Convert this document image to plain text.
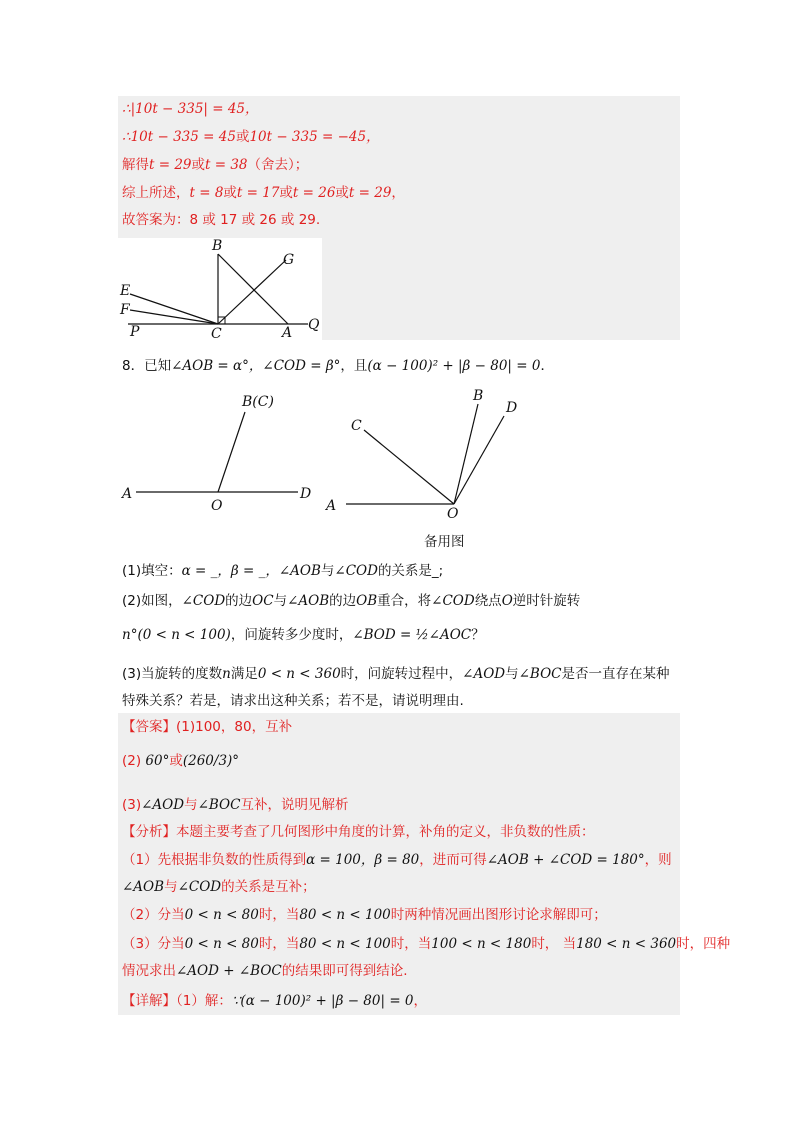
∴|10t − 335| = 45，
∴10t − 335 = 45或10t − 335 = −45，
解得t = 29或t = 38（舍去）；
综上所述，t = 8或t = 17或t = 26或t = 29，
故答案为：8 或 17 或 26 或 29.
B
G
E
F
P	C	A Q
8．已知∠AOB = α°，∠COD = β°，且(α − 100)² + |β − 80| = 0．
B(C)
A
O
D
C
B
D
A	O
备用图
(1)填空：α = _，β = _，∠AOB与∠COD的关系是_;
(2)如图，∠COD的边OC与∠AOB的边OB重合，将∠COD绕点O逆时针旋转
n°(0 < n < 100)，问旋转多少度时，∠BOD = ½∠AOC？
(3)当旋转的度数n满足0 < n < 360时，问旋转过程中，∠AOD与∠BOC是否一直存在某种
特殊关系？若是，请求出这种关系；若不是，请说明理由.
【答案】(1)100，80，互补
(2) 60°或(260/3)°
(3)∠AOD与∠BOC互补，说明见解析
【分析】本题主要考查了几何图形中角度的计算，补角的定义，非负数的性质：
（1）先根据非负数的性质得到α = 100，β = 80，进而可得∠AOB + ∠COD = 180°，则
∠AOB与∠COD的关系是互补；
（2）分当0 < n < 80时，当80 < n < 100时两种情况画出图形讨论求解即可；
（3）分当0 < n < 80时，当80 < n < 100时，当100 < n < 180时， 当180 < n < 360时，四种
情况求出∠AOD + ∠BOC的结果即可得到结论.
【详解】（1）解：∵(α − 100)² + |β − 80| = 0，
